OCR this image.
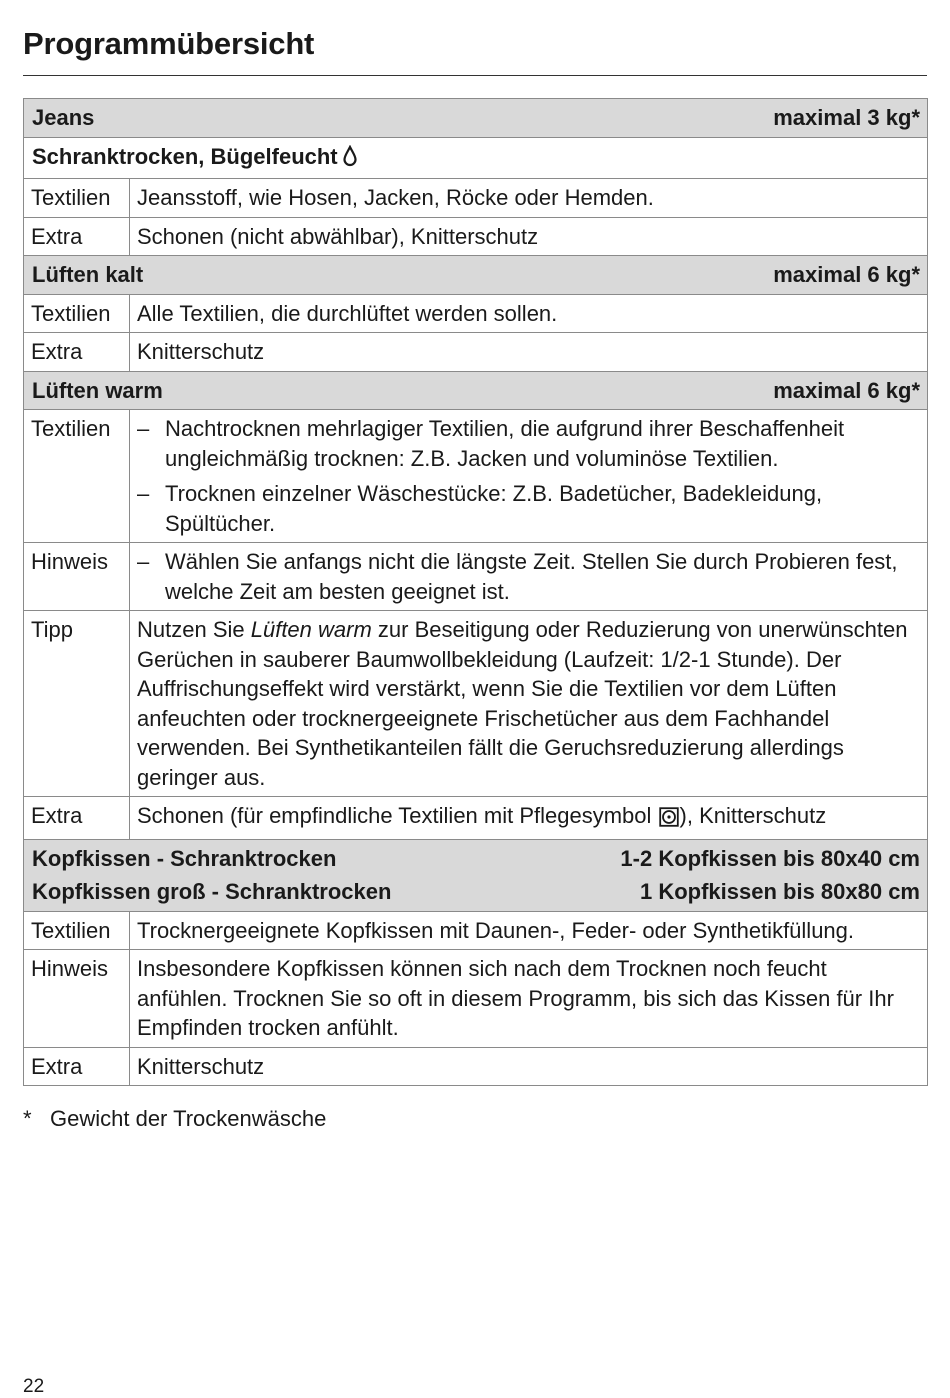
Programmübersicht
Jeans maximal 3 kg*	

Schranktrocken, Bügelfeucht	
Textilien	Jeansstoff, wie Hosen, Jacken, Röcke oder Hemden.
Extra	Schonen (nicht abwählbar), Knitterschutz

Lüften kalt maximal 6 kg*	

Textilien	Alle Textilien, die durchlüftet werden sollen.
Extra	Knitterschutz

Lüften warm maximal 6 kg*	

Textilien	– Nachtrocknen mehrlagiger Textilien, die aufgrund ihrer Beschaffenheit ungleichmäßig trocknen: Z.B. Jacken und voluminöse Textilien.
– Trocknen einzelner Wäschestücke: Z.B. Badetücher, Badekleidung, Spültücher.

Hinweis	– Wählen Sie anfangs nicht die längste Zeit. Stellen Sie durch Probieren fest, welche Zeit am besten geeignet ist.

Tipp	Nutzen Sie Lüften warm zur Beseitigung oder Reduzierung von unerwünschten Gerüchen in sauberer Baumwollbekleidung (Laufzeit: 1/2-1 Stunde). Der Auffrischungseffekt wird verstärkt, wenn Sie die Textilien vor dem Lüften anfeuchten oder trocknergeeignete Frischetücher aus dem Fachhandel verwenden. Bei Synthetikanteilen fällt die Geruchsreduzierung allerdings geringer aus.
Extra	Schonen (für empfindliche Textilien mit Pflegesymbol ), Knitterschutz

Kopfkissen - Schranktrocken 1-2 Kopfkissen bis 80x40 cm	

Kopfkissen groß - Schranktrocken 1 Kopfkissen bis 80x80 cm	

Textilien	Trocknergeeignete Kopfkissen mit Daunen-, Feder- oder Synthetikfüllung.
Hinweis	Insbesondere Kopfkissen können sich nach dem Trocknen noch feucht anfühlen. Trocknen Sie so oft in diesem Programm, bis sich das Kissen für Ihr Empfinden trocken anfühlt.
Extra	Knitterschutz
* Gewicht der Trockenwäsche
22
